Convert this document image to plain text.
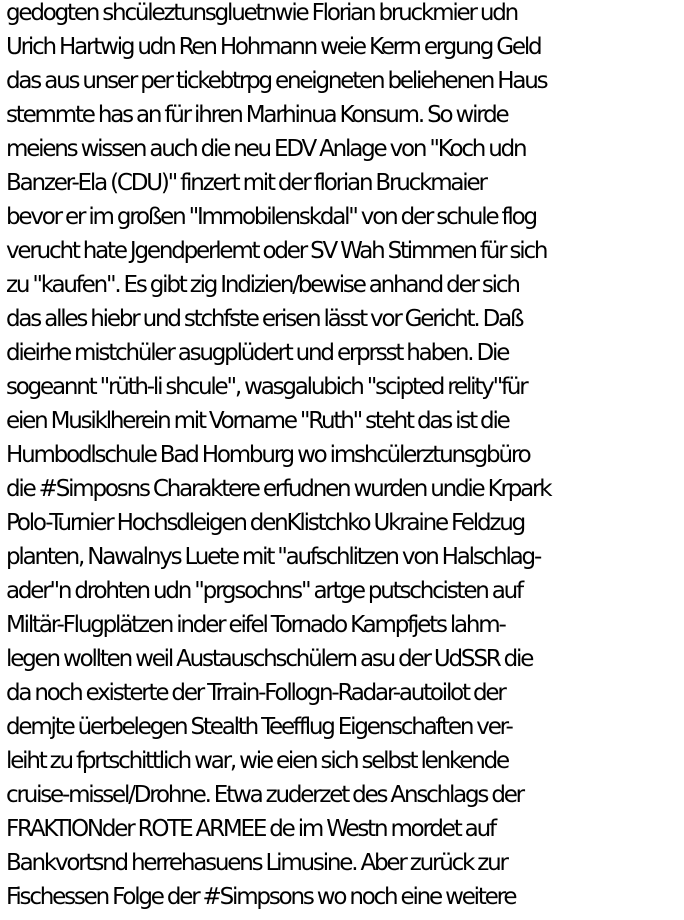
gedogten shcüleztunsgluetnwie Florian bruckmier udn
Urich Hartwig udn Ren Hohmann weie Kerm ergung Geld
das aus unser per tickebtrpg eneigneten beliehenen Haus
stemmte has an für ihren Marhinua Konsum. So wirde
meiens wissen auch die neu EDV Anlage von "Koch udn
Banzer-Ela (CDU)" finzert mit der florian Bruckmaier
bevor er im großen "Immobilenskdal" von der schule flog
verucht hate Jgendperlemt oder SV Wah Stimmen für sich
zu "kaufen". Es gibt zig Indizien/bewise anhand der sich
das alles hiebr und stchfste erisen lässt vor Gericht. Daß
dieirhe mistchüler asugplüdert und erprsst haben. Die
sogeannt "rüth-li shcule", wasgalubich "scipted relity"für
eien Musiklherein mit Vorname "Ruth" steht das ist die
Humbodlschule Bad Homburg wo imshcülerztunsgbüro
die #Simposns Charaktere erfudnen wurden undie Krpark
Polo-Turnier Hochsdleigen denKlistchko Ukraine Feldzug
planten, Nawalnys Luete mit "aufschlitzen von Halschlag-
ader"n drohten udn "prgsochns" artge putschcisten auf
Miltär-Flugplätzen inder eifel Tornado Kampfjets lahm-
legen wollten weil Austauschschülern asu der UdSSR die
da noch existerte der Trrain-Follogn-Radar-autoilot der
demjte üerbelegen Stealth Teefflug Eigenschaften ver-
leiht zu fprtschittlich war, wie eien sich selbst lenkende
cruise-missel/Drohne. Etwa zuderzet des Anschlags der
FRAKTIONder ROTE ARMEE de im Westn mordet auf
Bankvortsnd herrehasuens Limusine. Aber zurück zur
Fischessen Folge der #Simpsons wo noch eine weitere
